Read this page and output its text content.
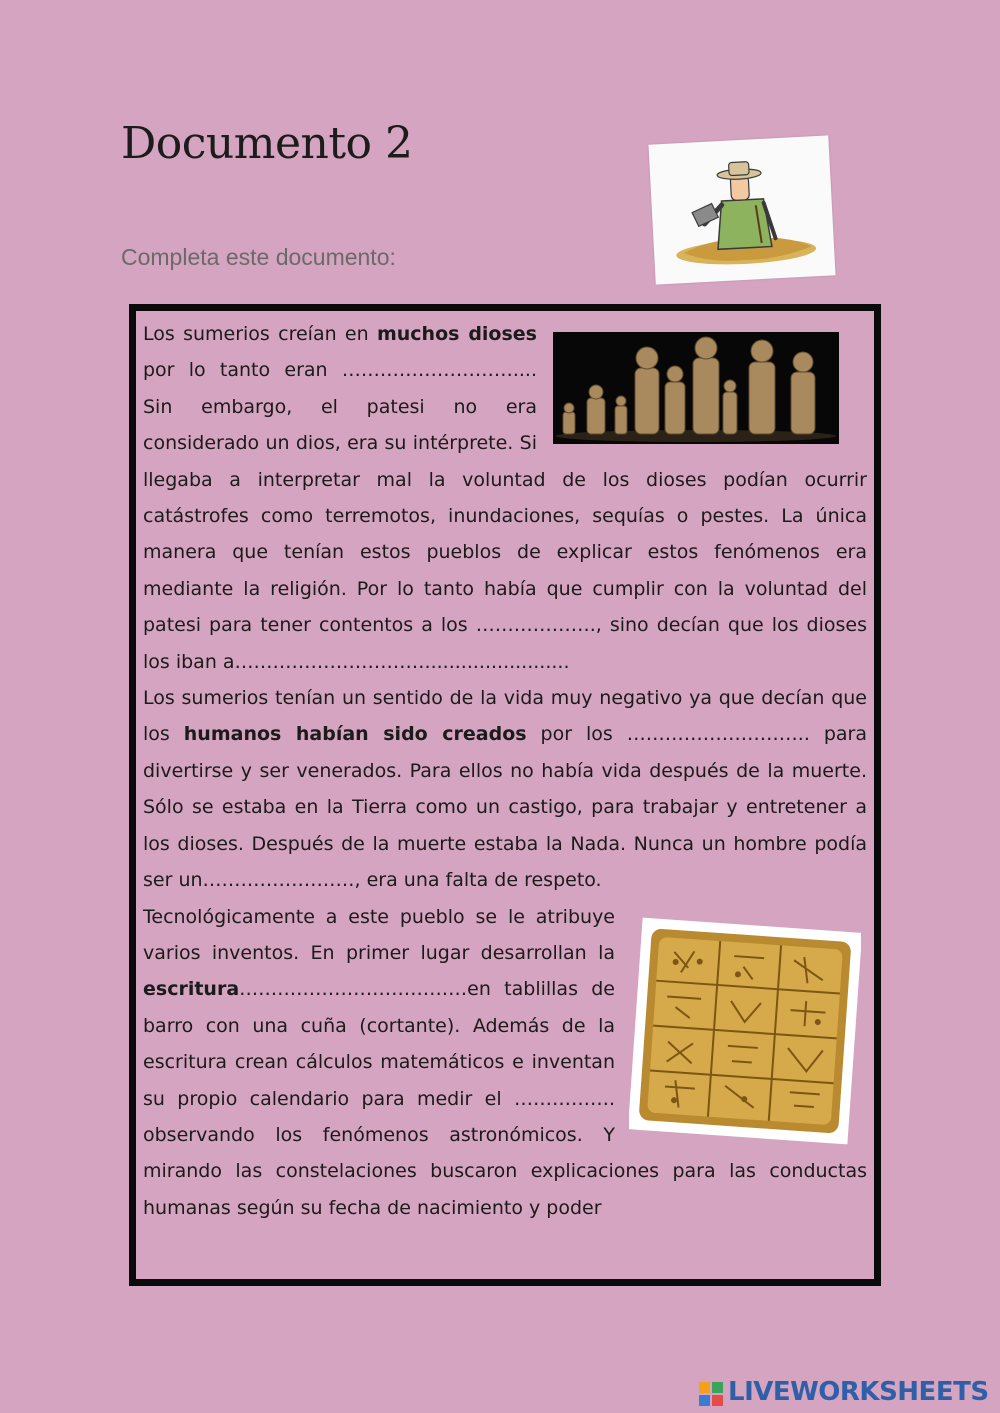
Documento 2
Completa este documento:
Los sumerios creían en muchos dioses por lo tanto eran ……………………….... Sin embargo, el patesi no era considerado un dios, era su intérprete. Si llegaba a interpretar mal la voluntad de los dioses podían ocurrir catástrofes como terremotos, inundaciones, sequías o pestes. La única manera que tenían estos pueblos de explicar estos fenómenos era mediante la religión. Por lo tanto había que cumplir con la voluntad del patesi para tener contentos a los ………………., sino decían que los dioses los iban a…………………………........................
Los sumerios tenían un sentido de la vida muy negativo ya que decían que los humanos habían sido creados por los ……………………….. para divertirse y ser venerados. Para ellos no había vida después de la muerte. Sólo se estaba en la Tierra como un castigo, para trabajar y entretener a los dioses. Después de la muerte estaba la Nada. Nunca un hombre podía ser un……………………, era una falta de respeto.

Tecnológicamente a este pueblo se le atribuye varios inventos. En primer lugar desarrollan la escritura………………………………en tablillas de barro con una cuña (cortante). Además de la escritura crean cálculos matemáticos e inventan su propio calendario para medir el ……………. observando los fenómenos astronómicos. Y mirando las constelaciones buscaron explicaciones para las conductas humanas según su fecha de nacimiento y poder
LIVEWORKSHEETS
